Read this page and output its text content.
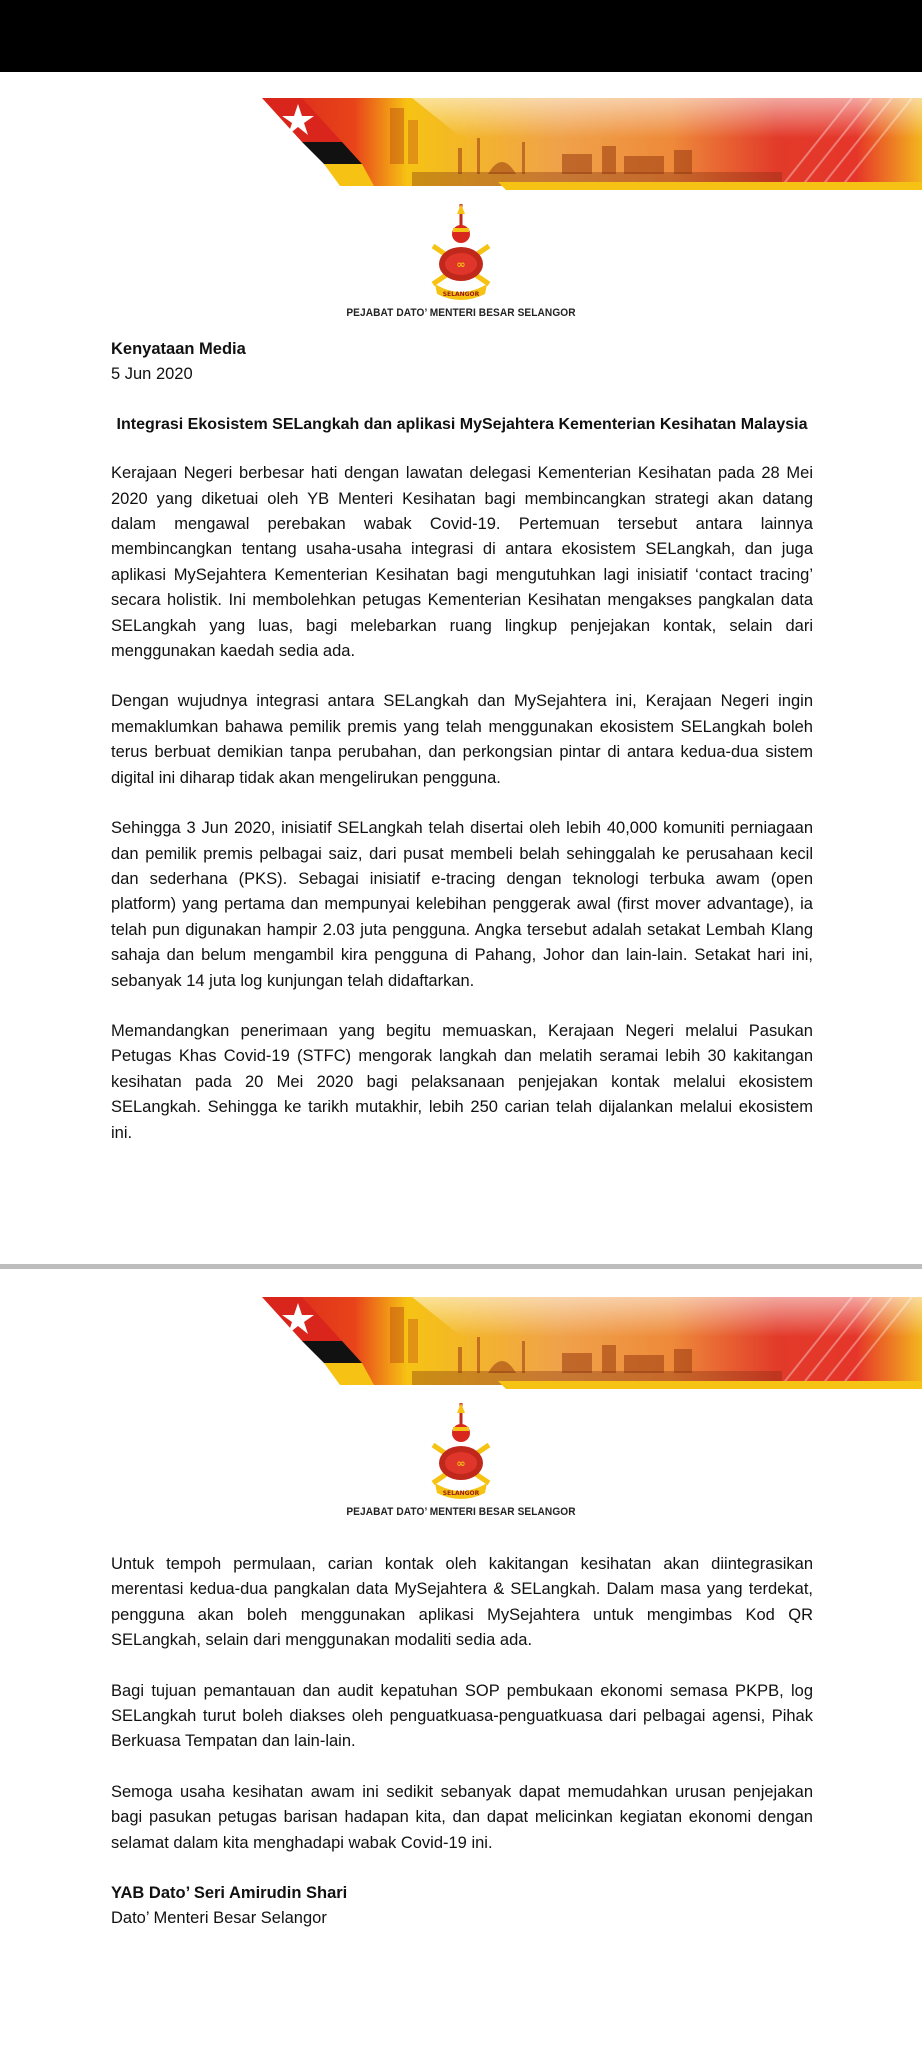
∞
SELANGOR
PEJABAT DATO’ MENTERI BESAR SELANGOR
Kenyataan Media
5 Jun 2020
Integrasi Ekosistem SELangkah dan aplikasi MySejahtera Kementerian Kesihatan Malaysia

Kerajaan Negeri berbesar hati dengan lawatan delegasi Kementerian Kesihatan pada 28 Mei 2020 yang diketuai oleh YB Menteri Kesihatan bagi membincangkan strategi akan datang dalam mengawal perebakan wabak Covid-19. Pertemuan tersebut antara lainnya membincangkan tentang usaha-usaha integrasi di antara ekosistem SELangkah, dan juga aplikasi MySejahtera Kementerian Kesihatan bagi mengutuhkan lagi inisiatif ‘contact tracing’ secara holistik. Ini membolehkan petugas Kementerian Kesihatan mengakses pangkalan data SELangkah yang luas, bagi melebarkan ruang lingkup penjejakan kontak, selain dari menggunakan kaedah sedia ada.

Dengan wujudnya integrasi antara SELangkah dan MySejahtera ini, Kerajaan Negeri ingin memaklumkan bahawa pemilik premis yang telah menggunakan ekosistem SELangkah boleh terus berbuat demikian tanpa perubahan, dan perkongsian pintar di antara kedua-dua sistem digital ini diharap tidak akan mengelirukan pengguna.

Sehingga 3 Jun 2020, inisiatif SELangkah telah disertai oleh lebih 40,000 komuniti perniagaan dan pemilik premis pelbagai saiz, dari pusat membeli belah sehinggalah ke perusahaan kecil dan sederhana (PKS). Sebagai inisiatif e-tracing dengan teknologi terbuka awam (open platform) yang pertama dan mempunyai kelebihan penggerak awal (first mover advantage), ia telah pun digunakan hampir 2.03 juta pengguna. Angka tersebut adalah setakat Lembah Klang sahaja dan belum mengambil kira pengguna di Pahang, Johor dan lain-lain. Setakat hari ini, sebanyak 14 juta log kunjungan telah didaftarkan.

Memandangkan penerimaan yang begitu memuaskan, Kerajaan Negeri melalui Pasukan Petugas Khas Covid-19 (STFC) mengorak langkah dan melatih seramai lebih 30 kakitangan kesihatan pada 20 Mei 2020 bagi pelaksanaan penjejakan kontak melalui ekosistem SELangkah. Sehingga ke tarikh mutakhir, lebih 250 carian telah dijalankan melalui ekosistem ini.

∞
SELANGOR
PEJABAT DATO’ MENTERI BESAR SELANGOR

Untuk tempoh permulaan, carian kontak oleh kakitangan kesihatan akan diintegrasikan merentasi kedua-dua pangkalan data MySejahtera & SELangkah. Dalam masa yang terdekat, pengguna akan boleh menggunakan aplikasi MySejahtera untuk mengimbas Kod QR SELangkah, selain dari menggunakan modaliti sedia ada.

Bagi tujuan pemantauan dan audit kepatuhan SOP pembukaan ekonomi semasa PKPB, log SELangkah turut boleh diakses oleh penguatkuasa-penguatkuasa dari pelbagai agensi, Pihak Berkuasa Tempatan dan lain-lain.

Semoga usaha kesihatan awam ini sedikit sebanyak dapat memudahkan urusan penjejakan bagi pasukan petugas barisan hadapan kita, dan dapat melicinkan kegiatan ekonomi dengan selamat dalam kita menghadapi wabak Covid-19 ini.

YAB Dato’ Seri Amirudin Shari
Dato’ Menteri Besar Selangor
